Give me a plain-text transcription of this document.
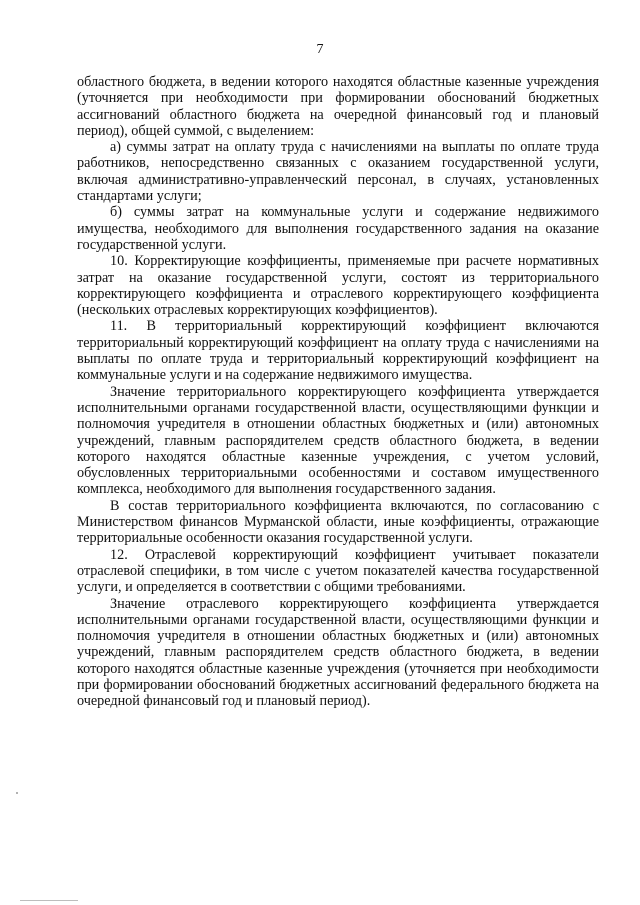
7

областного бюджета, в ведении которого находятся областные казенные учреждения (уточняется при необходимости при формировании обоснований бюджетных ассигнований областного бюджета на очередной финансовый год и плановый период), общей суммой, с выделением:

а) суммы затрат на оплату труда с начислениями на выплаты по оплате труда работников, непосредственно связанных с оказанием государственной услуги, включая административно-управленческий персонал, в случаях, установленных стандартами услуги;

б) суммы затрат на коммунальные услуги и содержание недвижимого имущества, необходимого для выполнения государственного задания на оказание государственной услуги.

10. Корректирующие коэффициенты, применяемые при расчете нормативных затрат на оказание государственной услуги, состоят из территориального корректирующего коэффициента и отраслевого корректирующего коэффициента (нескольких отраслевых корректирующих коэффициентов).

11. В территориальный корректирующий коэффициент включаются территориальный корректирующий коэффициент на оплату труда с начислениями на выплаты по оплате труда и территориальный корректирующий коэффициент на коммунальные услуги и на содержание недвижимого имущества.

Значение территориального корректирующего коэффициента утверждается исполнительными органами государственной власти, осуществляющими функции и полномочия учредителя в отношении областных бюджетных и (или) автономных учреждений, главным распорядителем средств областного бюджета, в ведении которого находятся областные казенные учреждения, с учетом условий, обусловленных территориальными особенностями и составом имущественного комплекса, необходимого для выполнения государственного задания.

В состав территориального коэффициента включаются, по согласованию с Министерством финансов Мурманской области, иные коэффициенты, отражающие территориальные особенности оказания государственной услуги.

12. Отраслевой корректирующий коэффициент учитывает показатели отраслевой специфики, в том числе с учетом показателей качества государственной услуги, и определяется в соответствии с общими требованиями.

Значение отраслевого корректирующего коэффициента утверждается исполнительными органами государственной власти, осуществляющими функции и полномочия учредителя в отношении областных бюджетных и (или) автономных учреждений, главным распорядителем средств областного бюджета, в ведении которого находятся областные казенные учреждения (уточняется при необходимости при формировании обоснований бюджетных ассигнований федерального бюджета на очередной финансовый год и плановый период).
